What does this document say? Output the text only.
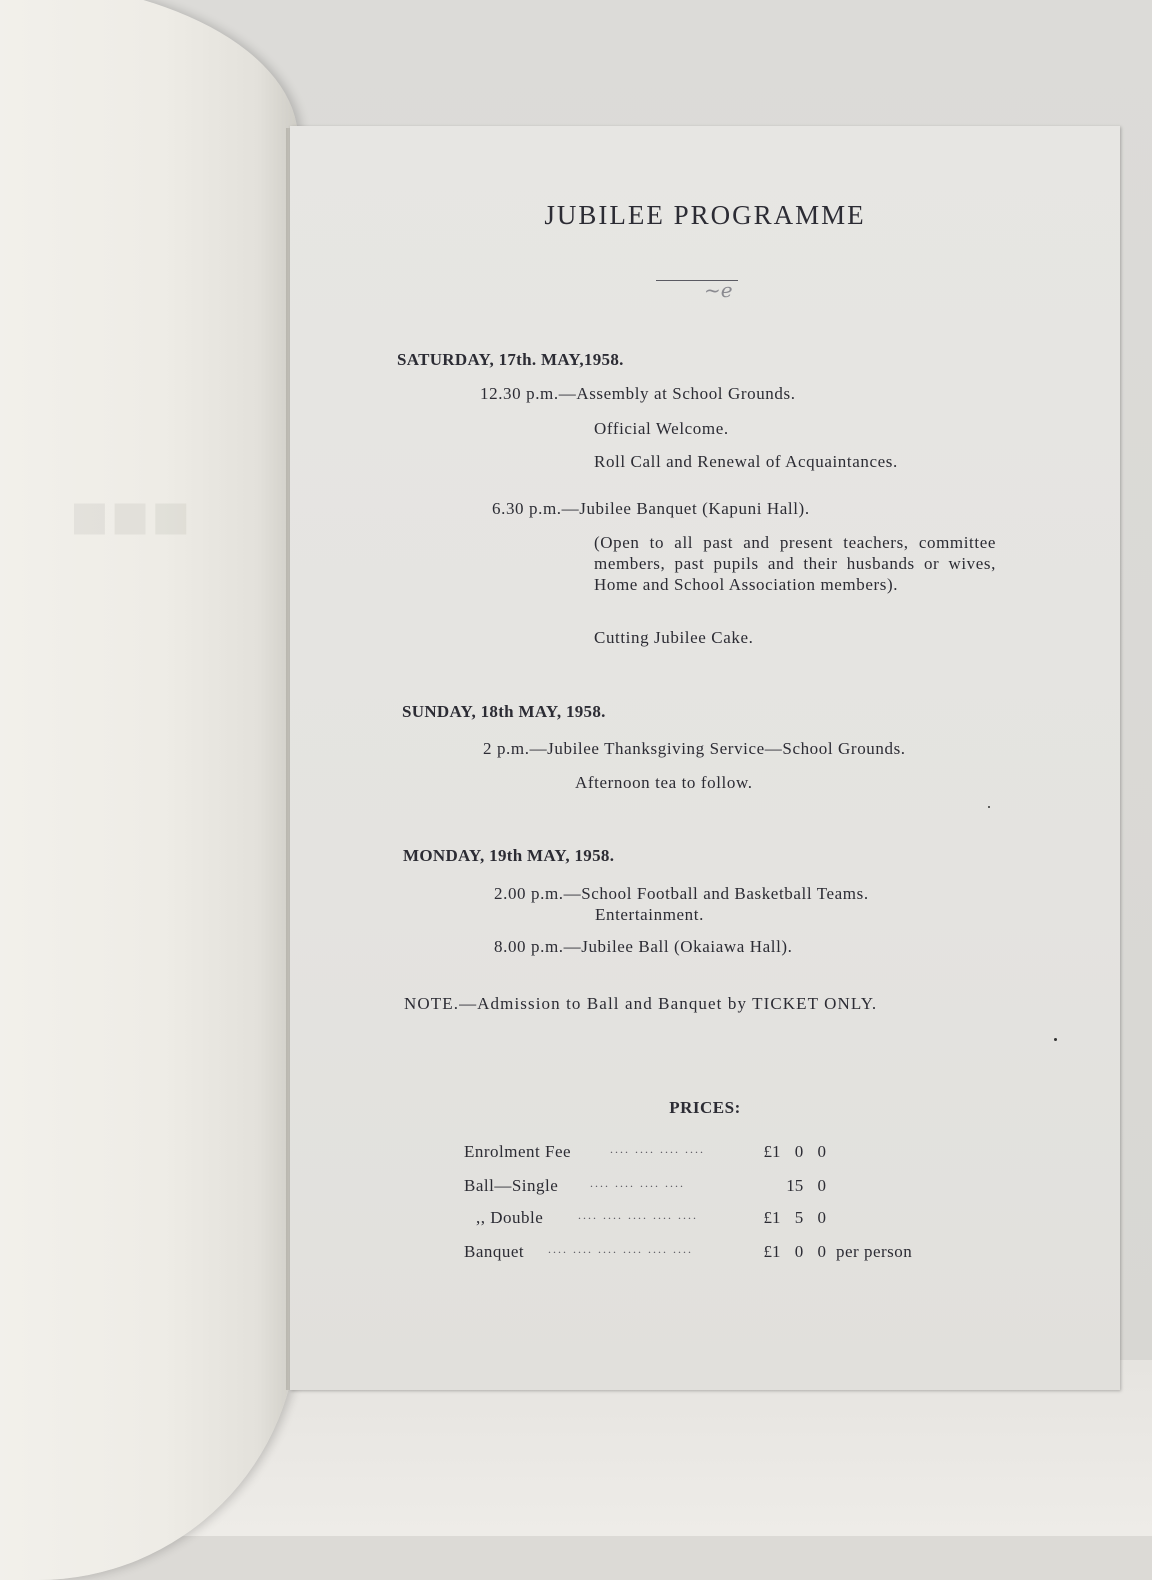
■■■
JUBILEE PROGRAMME
~e
SATURDAY, 17th. MAY,1958.
12.30 p.m.—Assembly at School Grounds.
Official Welcome.
Roll Call and Renewal of Acquaintances.
6.30 p.m.—Jubilee Banquet (Kapuni Hall).
(Open to all past and present teachers, committee members, past pupils and their husbands or wives, Home and School Association members).
Cutting Jubilee Cake.
SUNDAY, 18th MAY, 1958.
2 p.m.—Jubilee Thanksgiving Service—School Grounds.
Afternoon tea to follow.
MONDAY, 19th MAY, 1958.
2.00 p.m.—School Football and Basketball Teams.
Entertainment.
8.00 p.m.—Jubilee Ball (Okaiawa Hall).
NOTE.—Admission to Ball and Banquet by TICKET ONLY.
PRICES:
Enrolment Fee	.... .... .... ....	£1 0 0
Ball—Single	.... .... .... ....	15 0
,, Double	.... .... .... .... ....	£1 5 0
Banquet .... .... .... .... .... ....	£1 0 0 per person
